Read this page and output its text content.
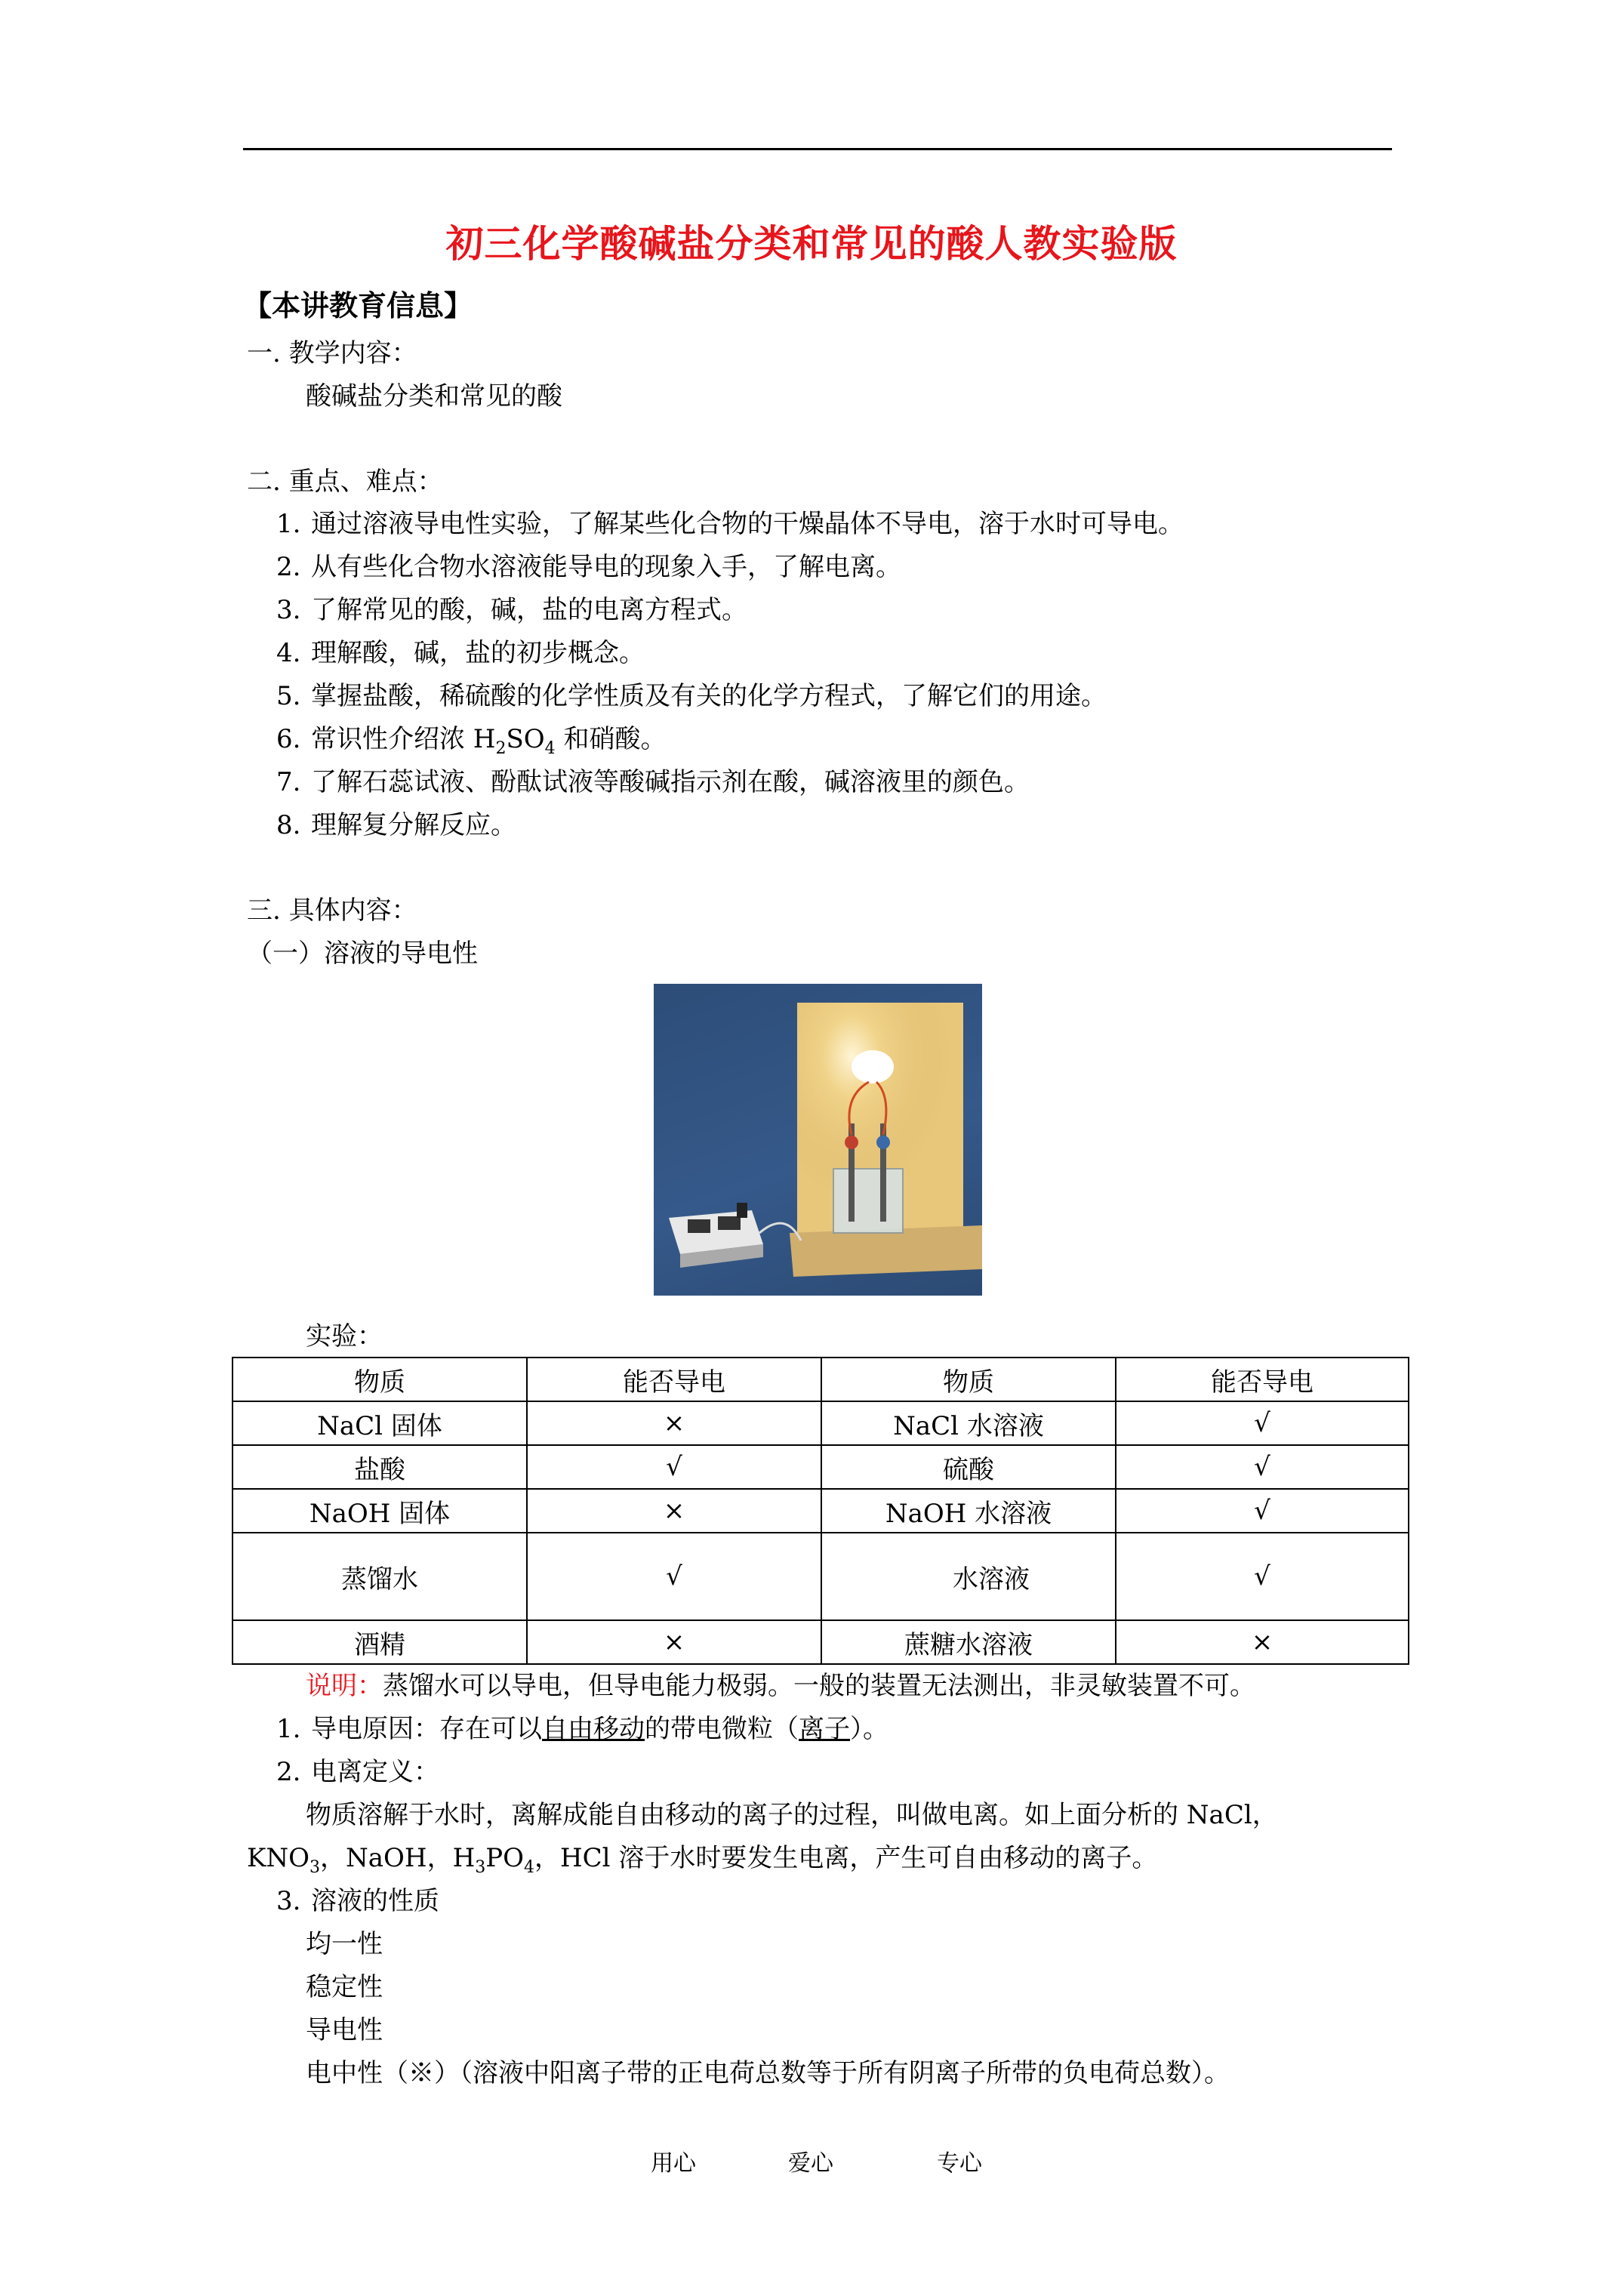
初三化学酸碱盐分类和常见的酸人教实验版
【本讲教育信息】
一. 教学内容：
酸碱盐分类和常见的酸
二. 重点、难点：
1. 通过溶液导电性实验，了解某些化合物的干燥晶体不导电，溶于水时可导电。
2. 从有些化合物水溶液能导电的现象入手，了解电离。
3. 了解常见的酸，碱，盐的电离方程式。
4. 理解酸，碱，盐的初步概念。
5. 掌握盐酸，稀硫酸的化学性质及有关的化学方程式，了解它们的用途。
6. 常识性介绍浓 $H_2SO_4$ 和硝酸。
7. 了解石蕊试液、酚酞试液等酸碱指示剂在酸，碱溶液里的颜色。
8. 理解复分解反应。
三. 具体内容：
（一）溶液的导电性
实验：
物质	能否导电	物质	能否导电
NaCl 固体	×	NaCl 水溶液	√
盐酸	√	硫酸	√
NaOH 固体	×	NaOH 水溶液	√
蒸馏水	√	水溶液	√
酒精	×	蔗糖水溶液	×
说明：蒸馏水可以导电，但导电能力极弱。一般的装置无法测出，非灵敏装置不可。
1. 导电原因：存在可以自由移动的带电微粒（离子）。
2. 电离定义：
物质溶解于水时，离解成能自由移动的离子的过程，叫做电离。如上面分析的 NaCl，
$KNO_3$，NaOH，$H_3PO_4$，HCl 溶于水时要发生电离，产生可自由移动的离子。
3. 溶液的性质
均一性
稳定性
导电性
电中性（※）（溶液中阳离子带的正电荷总数等于所有阴离子所带的负电荷总数）。
用心	爱心	专心
